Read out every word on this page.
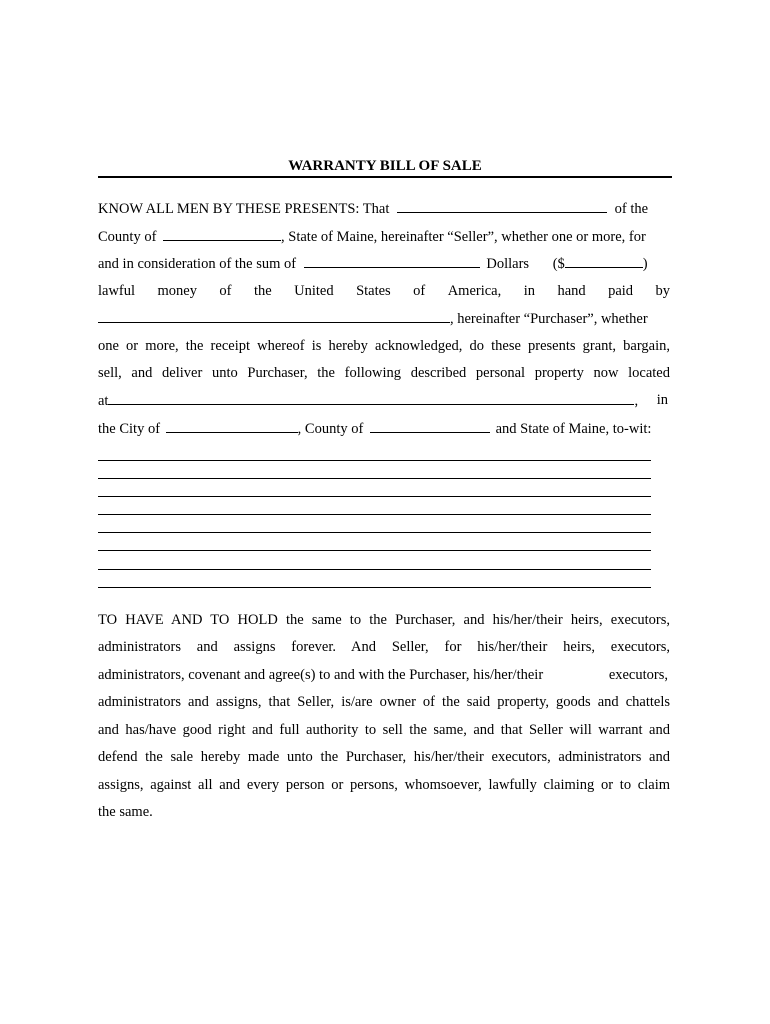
WARRANTY BILL OF SALE
KNOW ALL MEN BY THESE PRESENTS: That	of the
County of	, State of Maine, hereinafter “Seller”, whether one or more, for
and in consideration of the sum of	Dollars ($	)
lawful money of the United States of America, in hand paid by
, hereinafter “Purchaser”, whether
one or more, the receipt whereof is hereby acknowledged, do these presents grant, bargain,
sell, and deliver unto Purchaser, the following described personal property now located
at	, in
the City of	, County of	and State of Maine, to-wit:
TO HAVE AND TO HOLD the same to the Purchaser, and his/her/their heirs, executors,
administrators and assigns forever. And Seller, for his/her/their heirs, executors,
administrators, covenant and agree(s) to and with the Purchaser, his/her/their	executors,
administrators and assigns, that Seller, is/are owner of the said property, goods and chattels
and has/have good right and full authority to sell the same, and that Seller will warrant and
defend the sale hereby made unto the Purchaser, his/her/their executors, administrators and
assigns, against all and every person or persons, whomsoever, lawfully claiming or to claim
the same.
